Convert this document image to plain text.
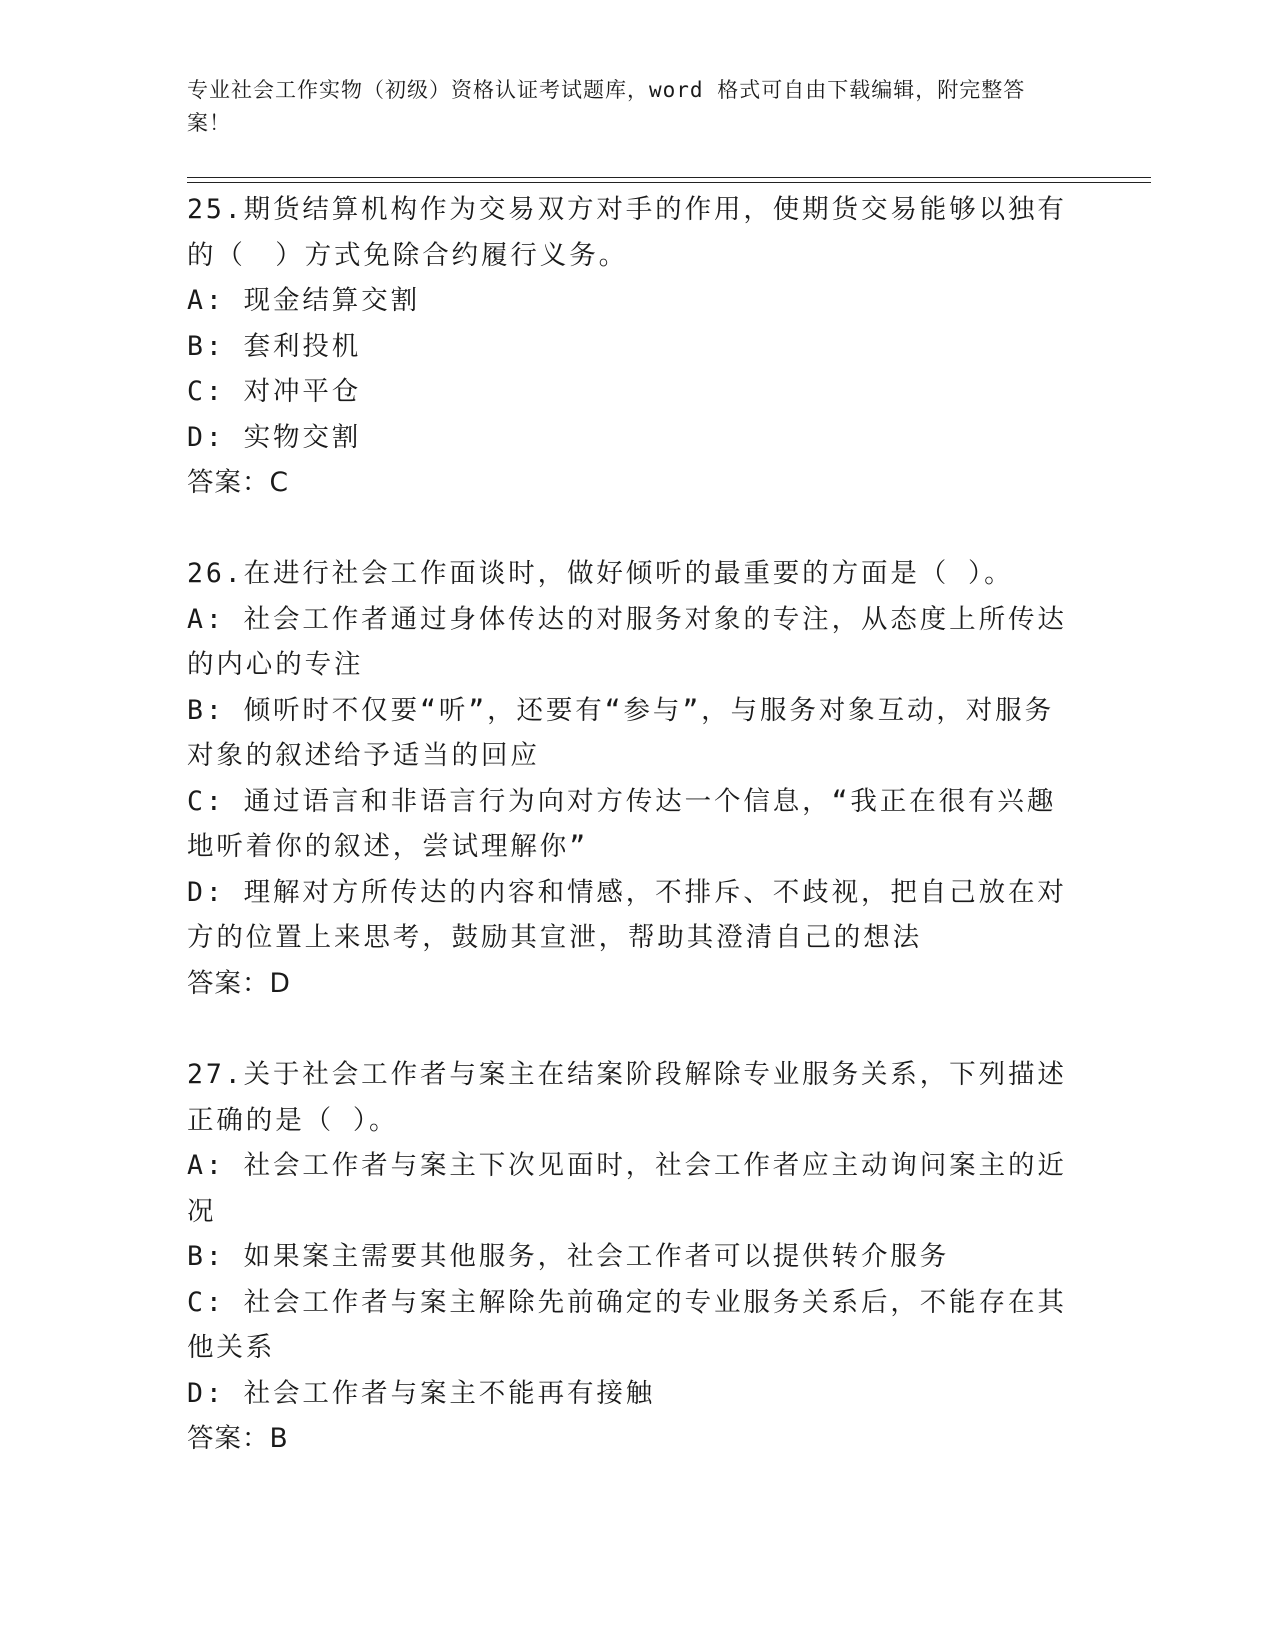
专业社会工作实物（初级）资格认证考试题库，word 格式可自由下载编辑，附完整答案！

25.期货结算机构作为交易双方对手的作用，使期货交易能够以独有的（　）方式免除合约履行义务。

A: 现金结算交割

B: 套利投机

C: 对冲平仓

D: 实物交割

答案：C

26.在进行社会工作面谈时，做好倾听的最重要的方面是（ ）。

A: 社会工作者通过身体传达的对服务对象的专注，从态度上所传达的内心的专注

B: 倾听时不仅要“听”，还要有“参与”，与服务对象互动，对服务对象的叙述给予适当的回应

C: 通过语言和非语言行为向对方传达一个信息，“我正在很有兴趣地听着你的叙述，尝试理解你”

D: 理解对方所传达的内容和情感，不排斥、不歧视，把自己放在对方的位置上来思考，鼓励其宣泄，帮助其澄清自己的想法

答案：D

27.关于社会工作者与案主在结案阶段解除专业服务关系，下列描述正确的是（ ）。

A: 社会工作者与案主下次见面时，社会工作者应主动询问案主的近况

B: 如果案主需要其他服务，社会工作者可以提供转介服务

C: 社会工作者与案主解除先前确定的专业服务关系后，不能存在其他关系

D: 社会工作者与案主不能再有接触

答案：B
